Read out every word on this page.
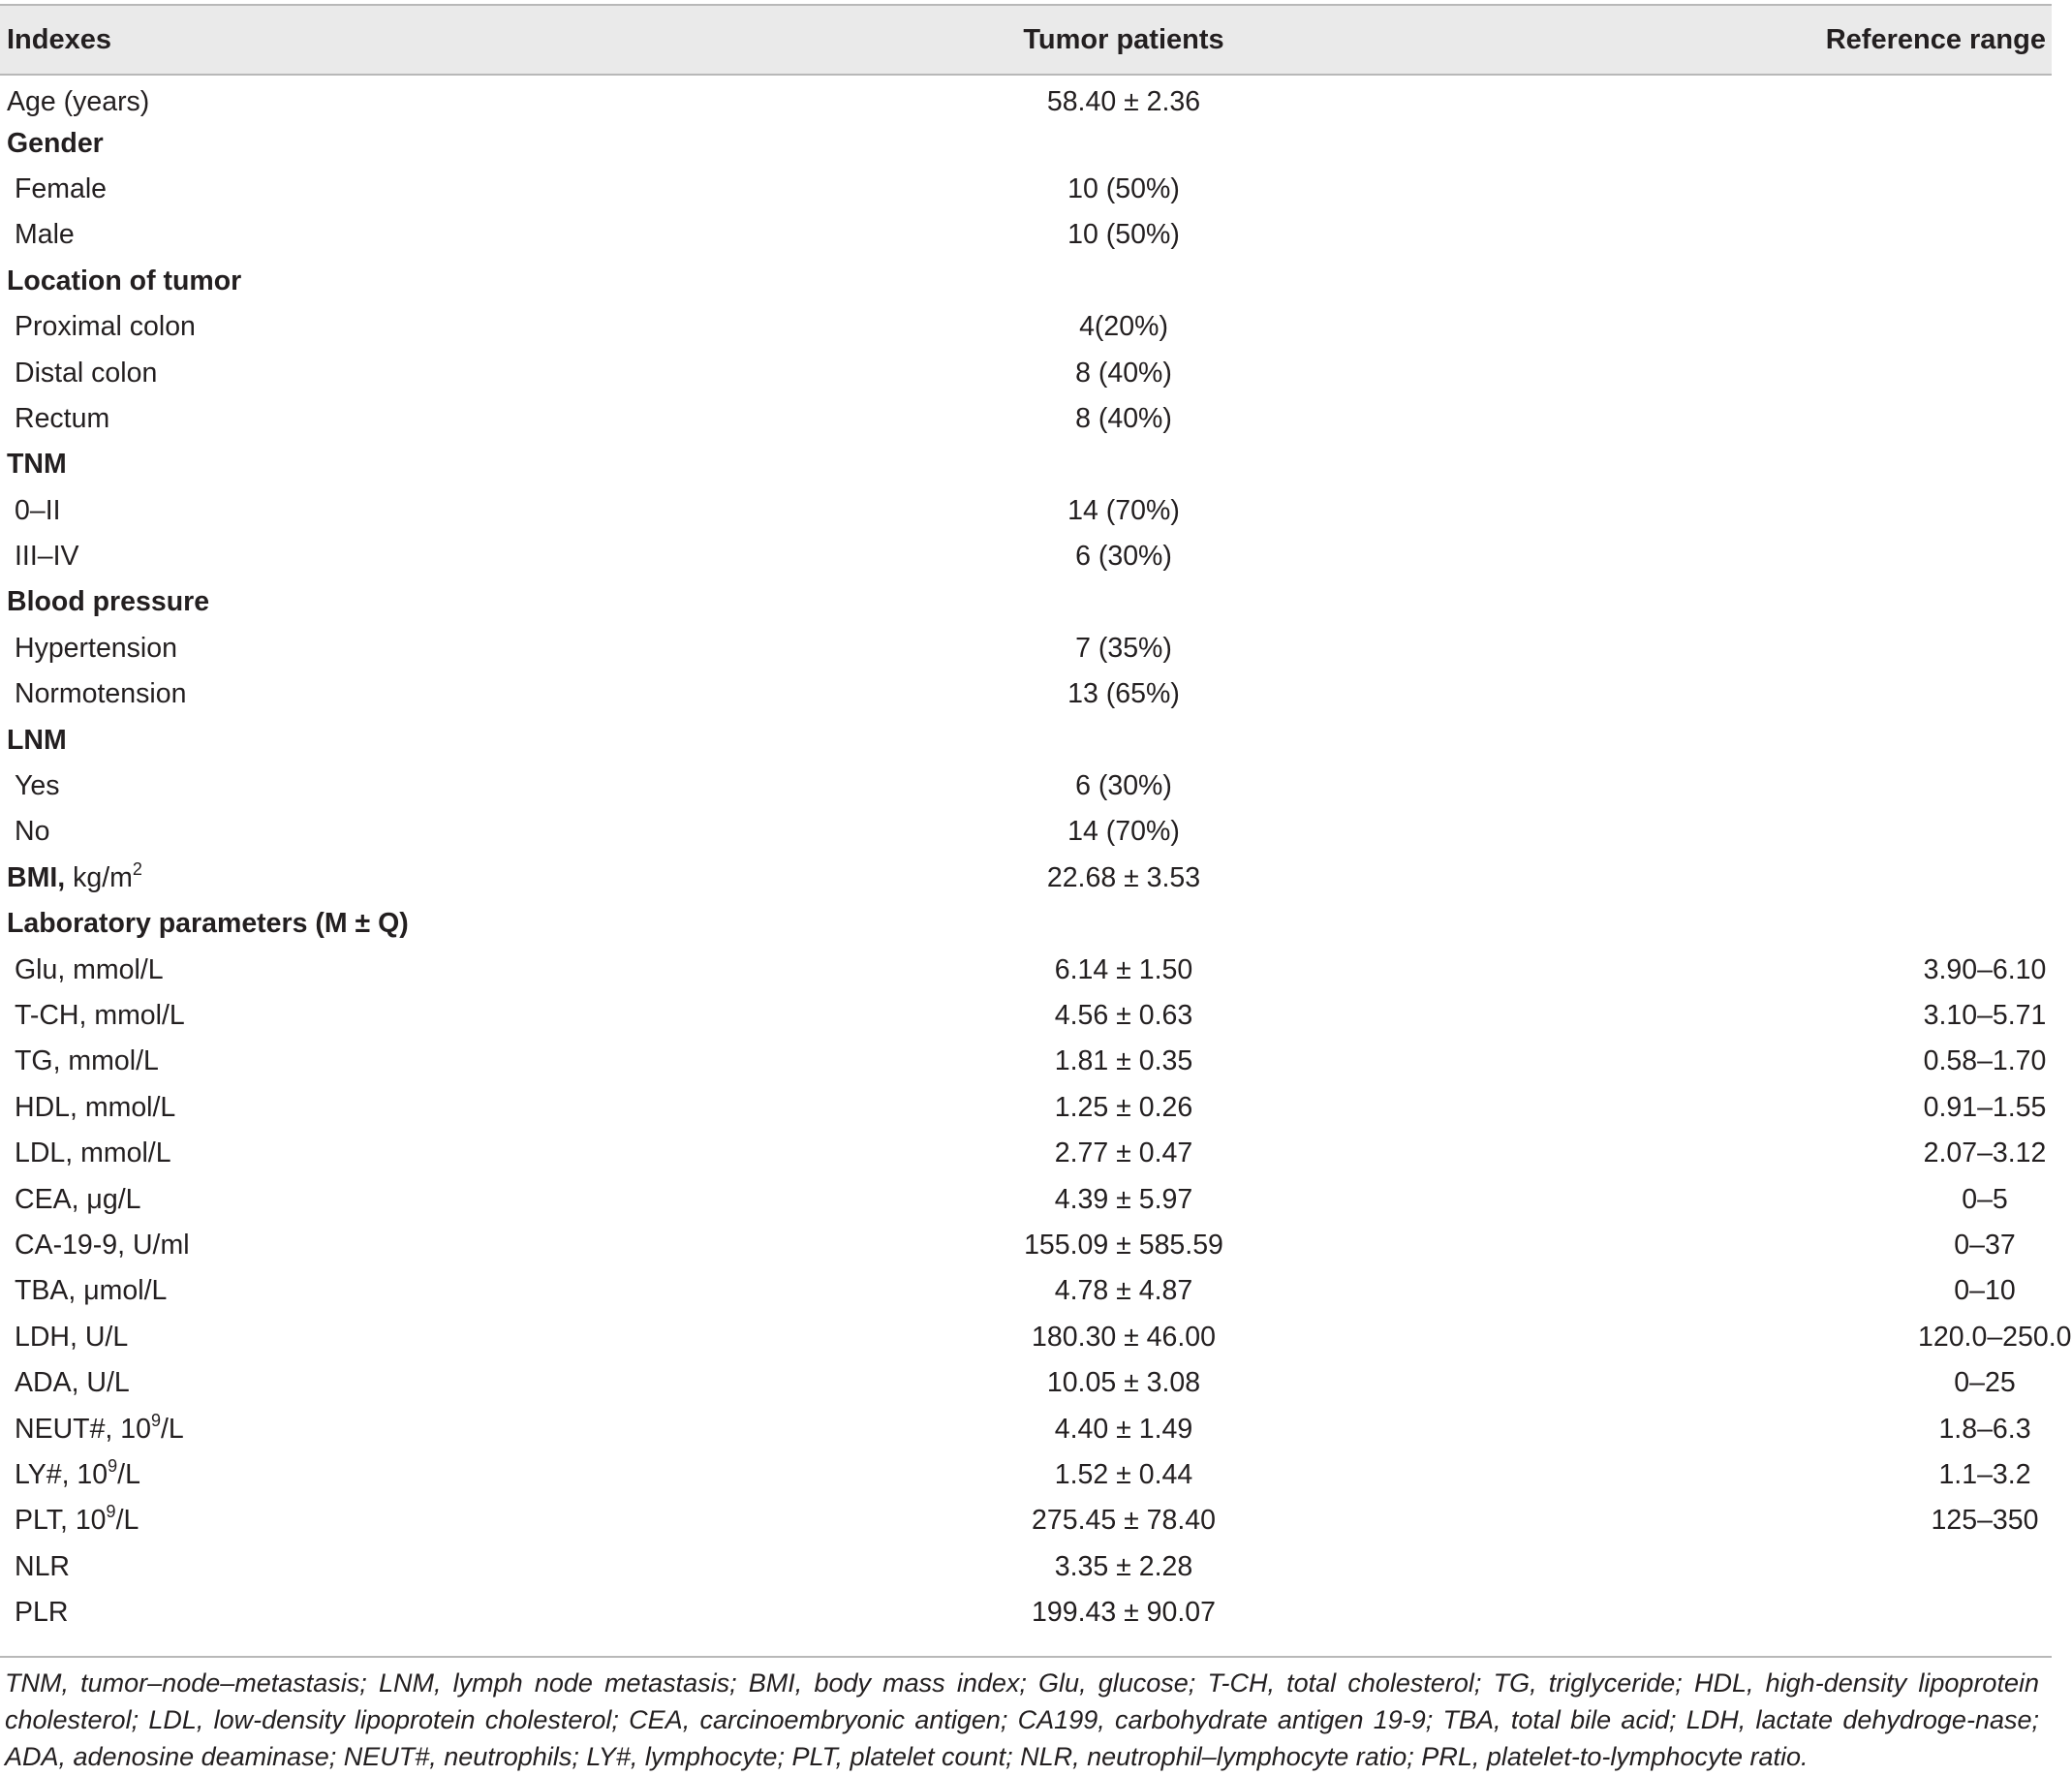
Indexes	Tumor patients	Reference range
Age (years)	58.40 ± 2.36	
Gender		
Female	10 (50%)	
Male	10 (50%)	
Location of tumor		
Proximal colon	4(20%)	
Distal colon	8 (40%)	
Rectum	8 (40%)	
TNM		
0–II	14 (70%)	
III–IV	6 (30%)	
Blood pressure		
Hypertension	7 (35%)	
Normotension	13 (65%)	
LNM		
Yes	6 (30%)	
No	14 (70%)	
BMI, $kg/m^2$	22.68 ± 3.53	
Laboratory parameters (M ± Q)		
Glu, mmol/L	6.14 ± 1.50	3.90–6.10
T-CH, mmol/L	4.56 ± 0.63	3.10–5.71
TG, mmol/L	1.81 ± 0.35	0.58–1.70
HDL, mmol/L	1.25 ± 0.26	0.91–1.55
LDL, mmol/L	2.77 ± 0.47	2.07–3.12
CEA, μg/L	4.39 ± 5.97	0–5
CA-19-9, U/ml	155.09 ± 585.59	0–37
TBA, μmol/L	4.78 ± 4.87	0–10
LDH, U/L	180.30 ± 46.00	120.0–250.0
ADA, U/L	10.05 ± 3.08	0–25
NEUT#, $10^9/L$	4.40 ± 1.49	1.8–6.3
LY#, $10^9/L$	1.52 ± 0.44	1.1–3.2
PLT, $10^9/L$	275.45 ± 78.40	125–350
NLR	3.35 ± 2.28	
PLR	199.43 ± 90.07	
TNM, tumor–node–metastasis; LNM, lymph node metastasis; BMI, body mass index; Glu, glucose; T-CH, total cholesterol; TG, triglyceride; HDL, high-density lipoprotein cholesterol; LDL, low-density lipoprotein cholesterol; CEA, carcinoembryonic antigen; CA199, carbohydrate antigen 19-9; TBA, total bile acid; LDH, lactate dehydroge-nase; ADA, adenosine deaminase; NEUT#, neutrophils; LY#, lymphocyte; PLT, platelet count; NLR, neutrophil–lymphocyte ratio; PRL, platelet-to-lymphocyte ratio.
